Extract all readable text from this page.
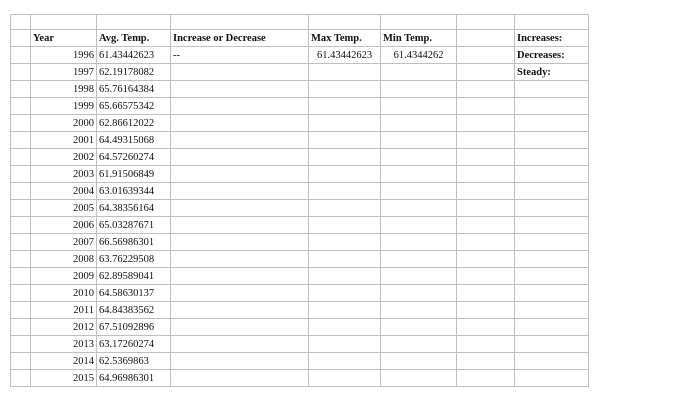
	Year	Avg. Temp.	Increase or Decrease	Max Temp.	Min Temp.		Increases:
	1996	61.43442623	--	61.43442623	61.4344262		Decreases:
	1997	62.19178082					Steady:
	1998	65.76164384					
	1999	65.66575342					
	2000	62.86612022					
	2001	64.49315068					
	2002	64.57260274					
	2003	61.91506849					
	2004	63.01639344					
	2005	64.38356164					
	2006	65.03287671					
	2007	66.56986301					
	2008	63.76229508					
	2009	62.89589041					
	2010	64.58630137					
	2011	64.84383562					
	2012	67.51092896					
	2013	63.17260274					
	2014	62.5369863					
	2015	64.96986301					
